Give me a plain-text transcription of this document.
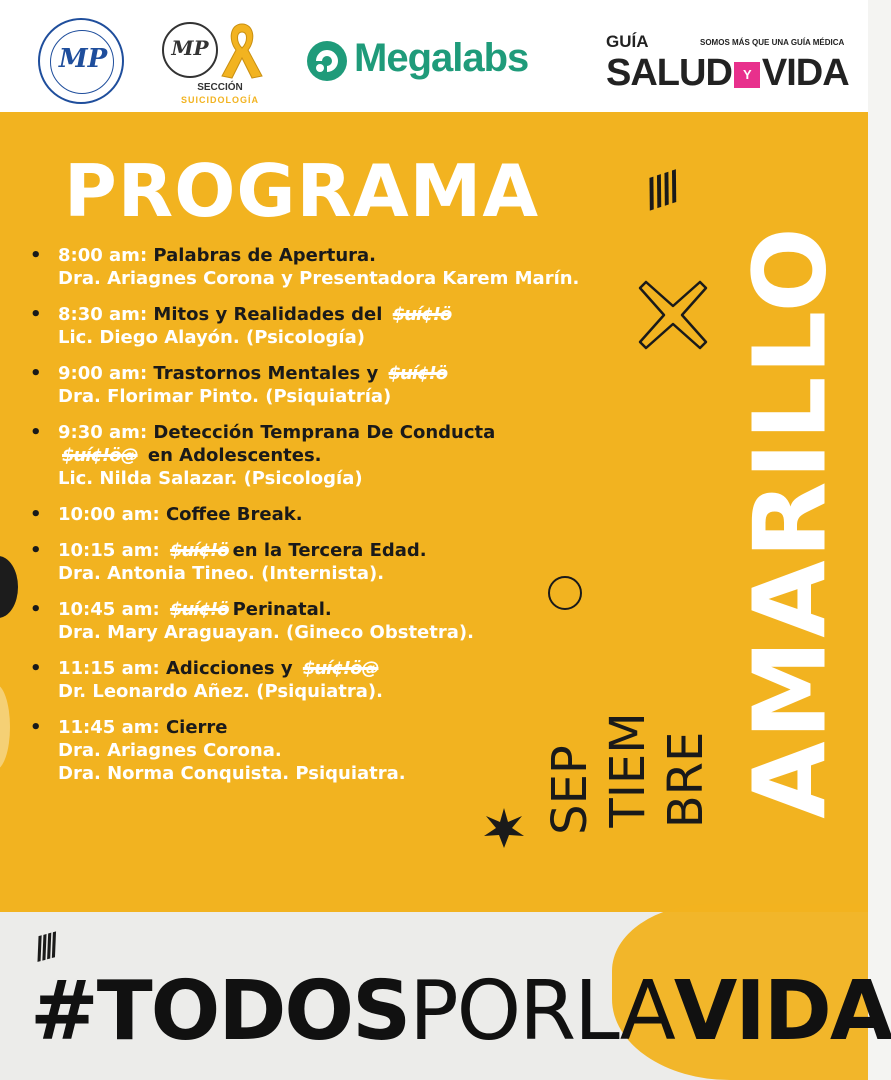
MP	MP
SECCIÓN
SUICIDOLOGÍA
Megalabs	GUÍA	SOMOS MÁS QUE UNA GUÍA MÉDICA
SALUD Y VIDA
PROGRAMA	////
AMARILLO
SEP TIEM BRE
• 8:00 am: Palabras de Apertura.
Dra. Ariagnes Corona y Presentadora Karem Marín.
• 8:30 am: Mitos y Realidades del $uí¢!ö
Lic. Diego Alayón. (Psicología)
• 9:00 am: Trastornos Mentales y $uí¢!ö
Dra. Florimar Pinto. (Psiquiatría)
• 9:30 am: Detección Temprana De Conducta
$uí¢!ö@ en Adolescentes.
Lic. Nilda Salazar. (Psicología)
• 10:00 am: Coffee Break.
• 10:15 am: $uí¢!ö en la Tercera Edad.
Dra. Antonia Tineo. (Internista).
• 10:45 am: $uí¢!ö Perinatal.
Dra. Mary Araguayan. (Gineco Obstetra).
• 11:15 am: Adicciones y $uí¢!ö@
Dr. Leonardo Añez. (Psiquiatra).
• 11:45 am: Cierre
Dra. Ariagnes Corona.
Dra. Norma Conquista. Psiquiatra.
////
#TODOSPORLAVIDA
